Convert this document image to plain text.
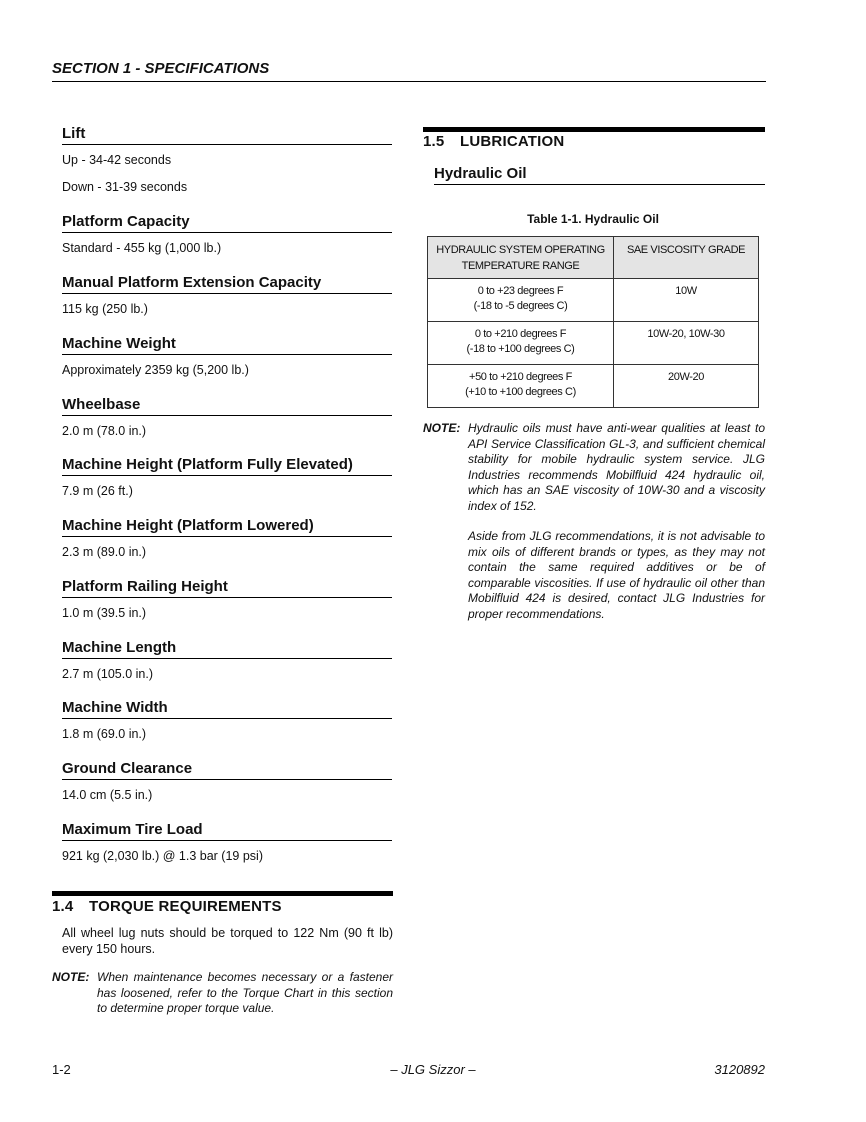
SECTION 1 - SPECIFICATIONS
Lift
Up - 34-42 seconds
Down - 31-39 seconds
Platform Capacity
Standard - 455 kg (1,000 lb.)
Manual Platform Extension Capacity
115 kg (250 lb.)
Machine Weight
Approximately 2359 kg (5,200 lb.)
Wheelbase
2.0 m (78.0 in.)
Machine Height (Platform Fully Elevated)
7.9 m (26 ft.)
Machine Height (Platform Lowered)
2.3 m (89.0 in.)
Platform Railing Height
1.0 m (39.5 in.)
Machine Length
2.7 m (105.0 in.)
Machine Width
1.8 m (69.0 in.)
Ground Clearance
14.0 cm (5.5 in.)
Maximum Tire Load
921 kg (2,030 lb.) @ 1.3 bar (19 psi)
1.4 TORQUE REQUIREMENTS
All wheel lug nuts should be torqued to 122 Nm (90 ft lb) every 150 hours.
NOTE: When maintenance becomes necessary or a fastener has loosened, refer to the Torque Chart in this section to determine proper torque value.
1.5 LUBRICATION
Hydraulic Oil
Table 1-1. Hydraulic Oil
HYDRAULIC SYSTEM OPERATING TEMPERATURE RANGE	SAE VISCOSITY GRADE

0 to +23 degrees F
(-18 to -5 degrees C)	10W

0 to +210 degrees F
(-18 to +100 degrees C)	10W-20, 10W-30

+50 to +210 degrees F
(+10 to +100 degrees C)	20W-20
NOTE: Hydraulic oils must have anti-wear qualities at least to API Service Classification GL-3, and sufficient chemical stability for mobile hydraulic system service. JLG Industries recommends Mobilfluid 424 hydraulic oil, which has an SAE viscosity of 10W-30 and a viscosity index of 152.

Aside from JLG recommendations, it is not advisable to mix oils of different brands or types, as they may not contain the same required additives or be of comparable viscosities. If use of hydraulic oil other than Mobilfluid 424 is desired, contact JLG Industries for proper recommendations.

1-2	– JLG Sizzor –	3120892
